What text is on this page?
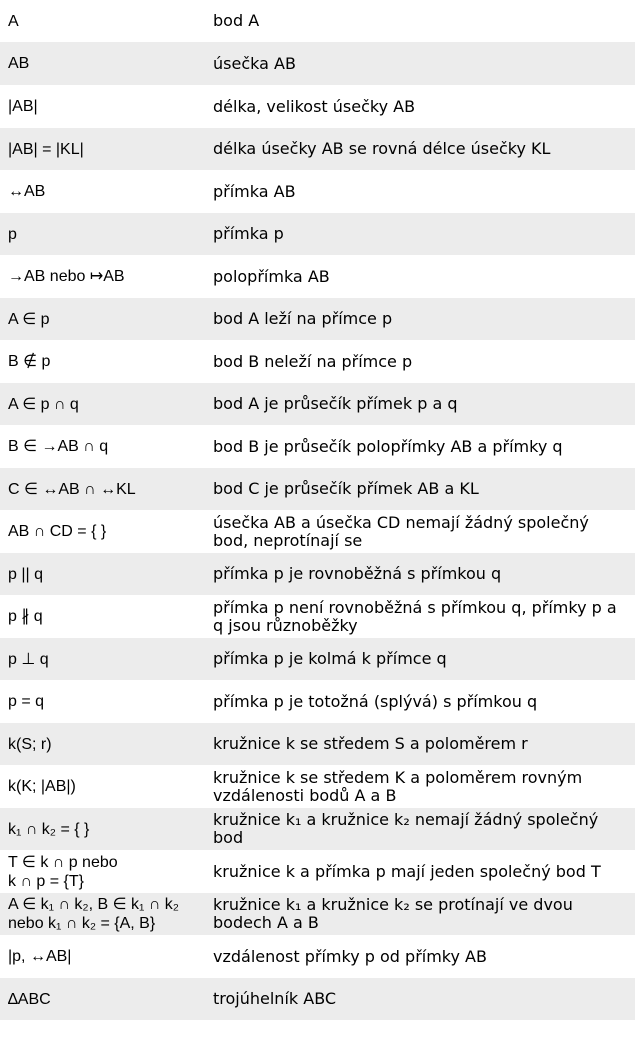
A	bod A
AB	úsečka AB
|AB|	délka, velikost úsečky AB
|AB| = |KL|	délka úsečky AB se rovná délce úsečky KL
↔AB	přímka AB
p	přímka p
→AB nebo ↦AB	polopřímka AB
A ∈ p	bod A leží na přímce p
B ∉ p	bod B neleží na přímce p
A ∈ p ∩ q	bod A je průsečík přímek p a q
B ∈ →AB ∩ q	bod B je průsečík polopřímky AB a přímky q
C ∈ ↔AB ∩ ↔KL	bod C je průsečík přímek AB a KL
AB ∩ CD = { }	úsečka AB a úsečka CD nemají žádný společný bod, neprotínají se
p || q	přímka p je rovnoběžná s přímkou q
p ∦ q	přímka p není rovnoběžná s přímkou q, přímky p a q jsou různoběžky
p ⊥ q	přímka p je kolmá k přímce q
p = q	přímka p je totožná (splývá) s přímkou q
k(S; r)	kružnice k se středem S a poloměrem r
k(K; |AB|)	kružnice k se středem K a poloměrem rovným vzdálenosti bodů A a B
k₁ ∩ k₂ = { }	kružnice k₁ a kružnice k₂ nemají žádný společný bod
T ∈ k ∩ p nebo
k ∩ p = {T}	kružnice k a přímka p mají jeden společný bod T
A ∈ k₁ ∩ k₂, B ∈ k₁ ∩ k₂
nebo k₁ ∩ k₂ = {A, B}	kružnice k₁ a kružnice k₂ se protínají ve dvou bodech A a B
|p, ↔AB|	vzdálenost přímky p od přímky AB
∆ABC	trojúhelník ABC
